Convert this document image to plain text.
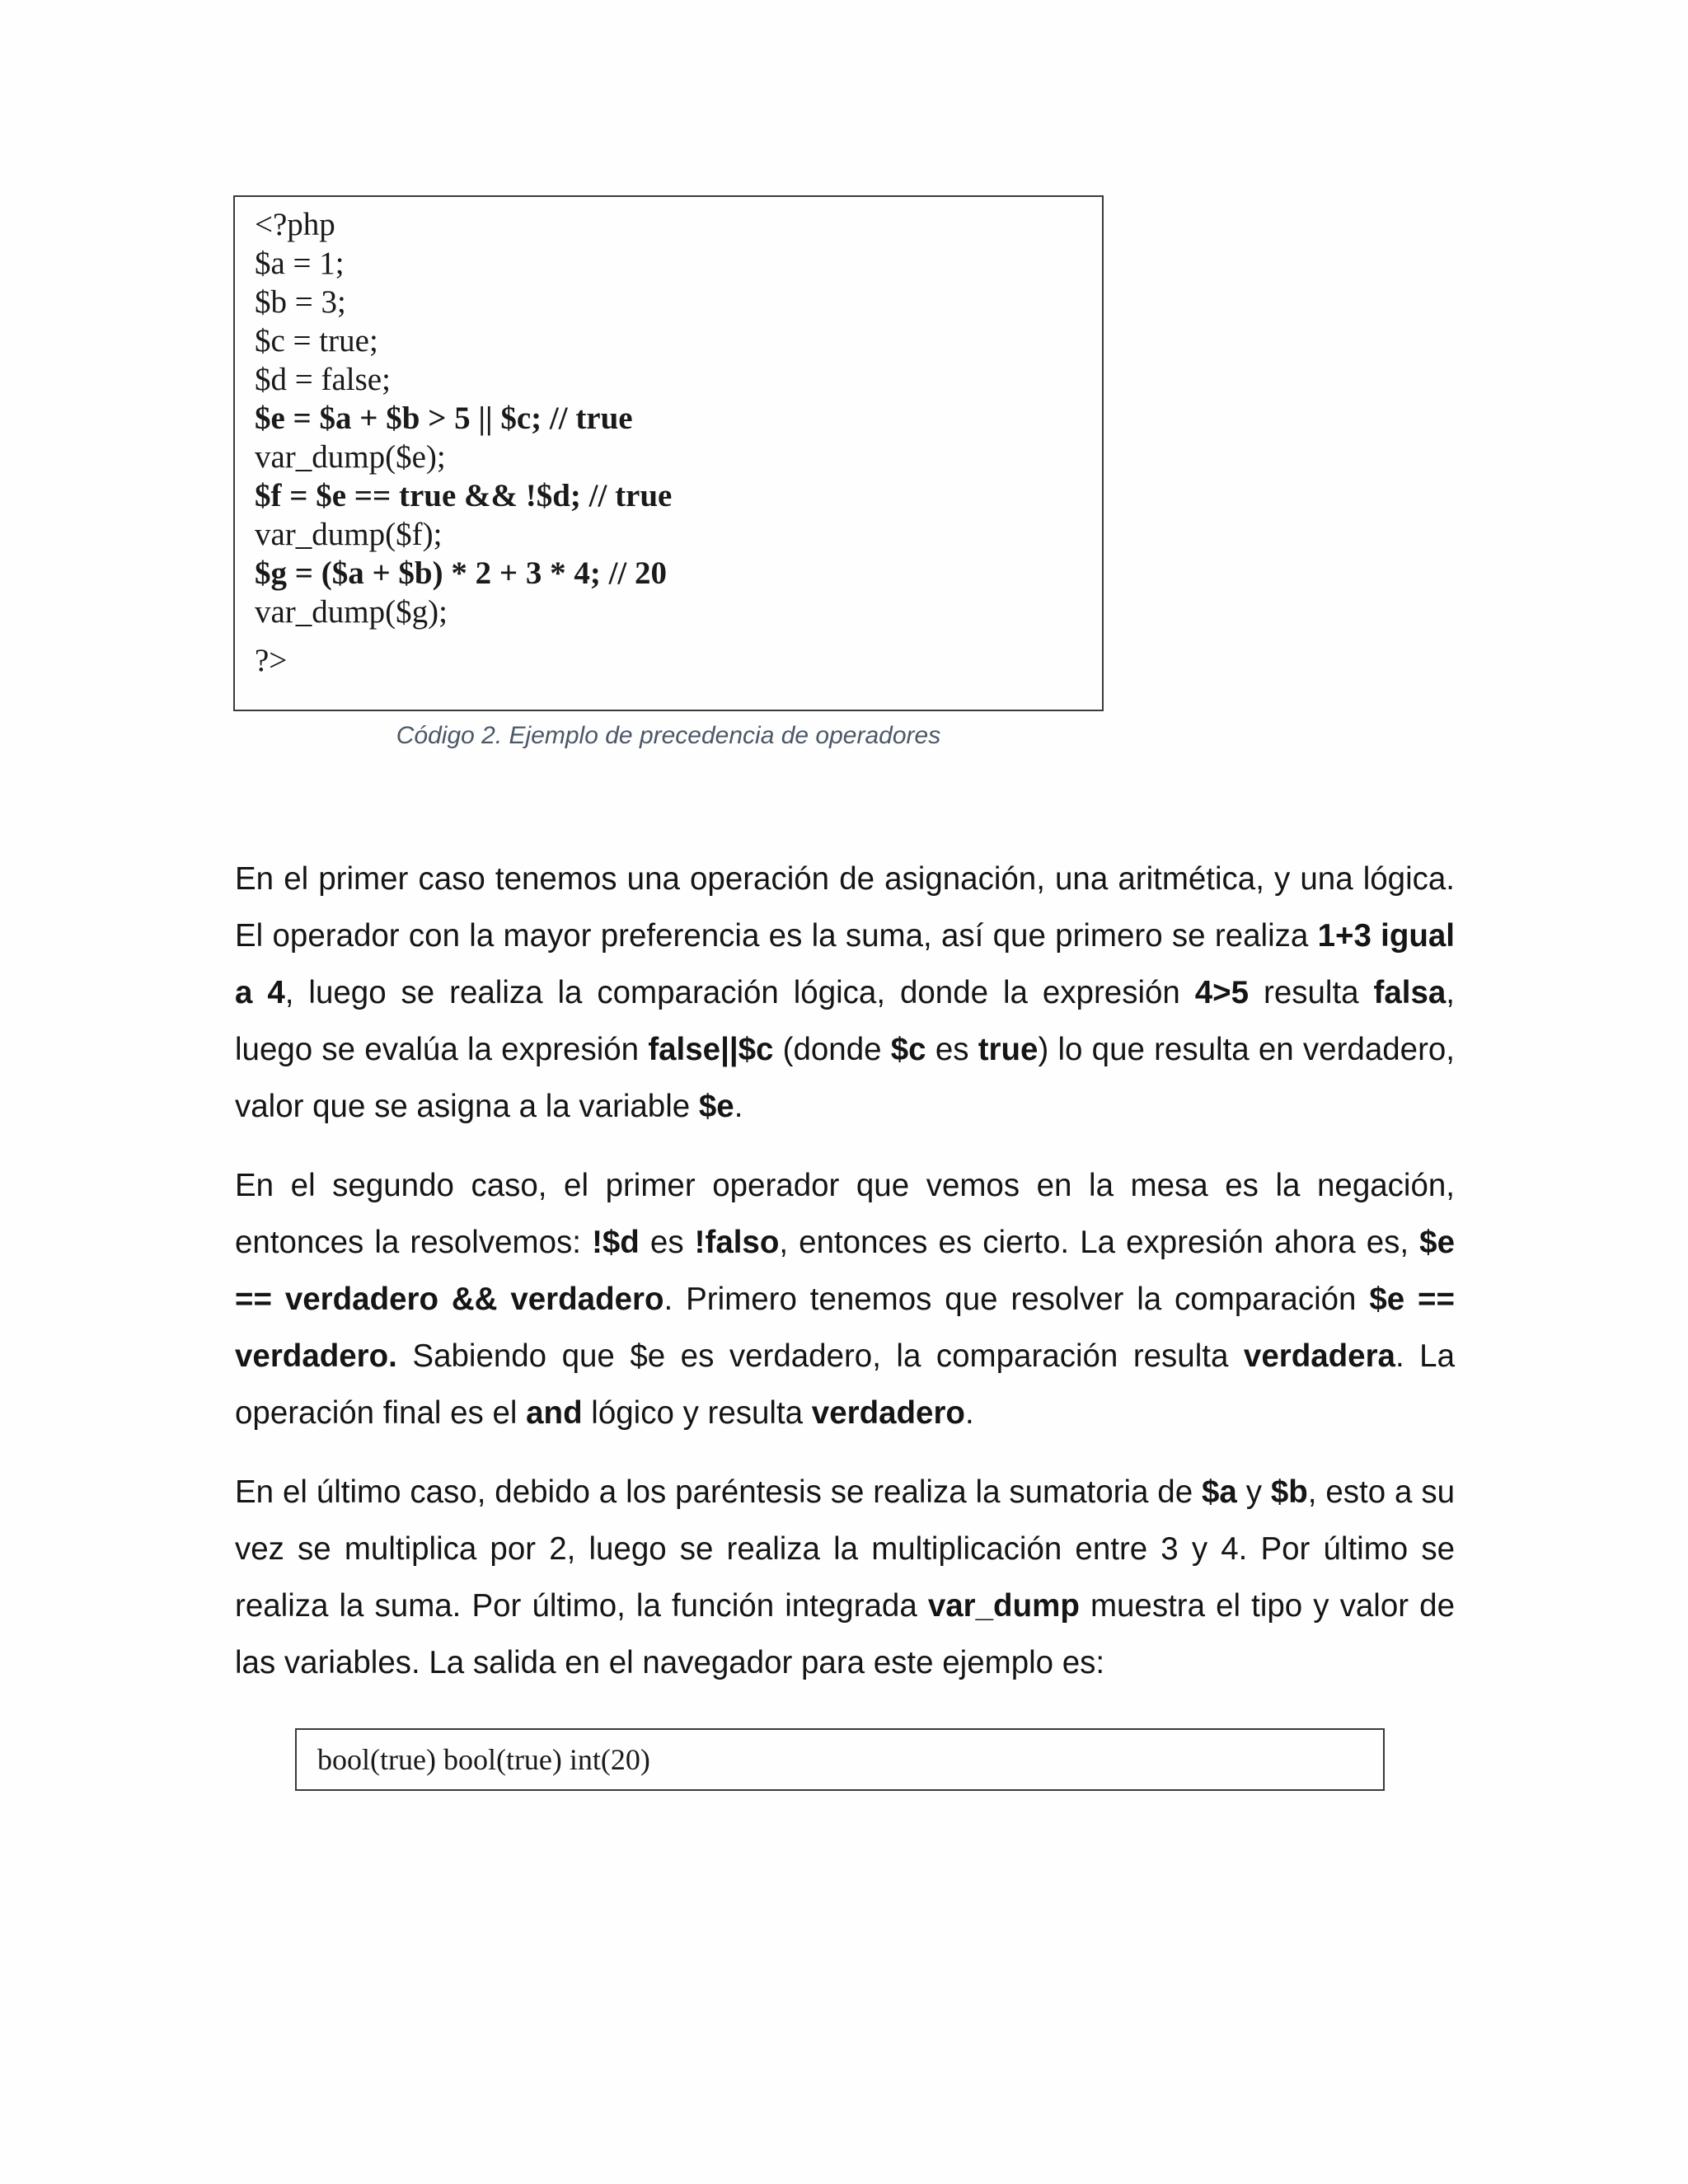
<?php
$a = 1;
$b = 3;
$c = true;
$d = false;
$e = $a + $b > 5 || $c; // true
var_dump($e);
$f = $e == true && !$d; // true
var_dump($f);
$g = ($a + $b) * 2 + 3 * 4; // 20
var_dump($g);
?>
Código 2. Ejemplo de precedencia de operadores

En el primer caso tenemos una operación de asignación, una aritmética, y una lógica. El operador con la mayor preferencia es la suma, así que primero se realiza 1+3 igual a 4, luego se realiza la comparación lógica, donde la expresión 4>5 resulta falsa, luego se evalúa la expresión false||$c (donde $c es true) lo que resulta en verdadero, valor que se asigna a la variable $e.

En el segundo caso, el primer operador que vemos en la mesa es la negación, entonces la resolvemos: !$d es !falso, entonces es cierto. La expresión ahora es, $e == verdadero && verdadero. Primero tenemos que resolver la comparación $e == verdadero. Sabiendo que $e es verdadero, la comparación resulta verdadera. La operación final es el and lógico y resulta verdadero.

En el último caso, debido a los paréntesis se realiza la sumatoria de $a y $b, esto a su vez se multiplica por 2, luego se realiza la multiplicación entre 3 y 4. Por último se realiza la suma. Por último, la función integrada var_dump muestra el tipo y valor de las variables. La salida en el navegador para este ejemplo es:

bool(true) bool(true) int(20)
